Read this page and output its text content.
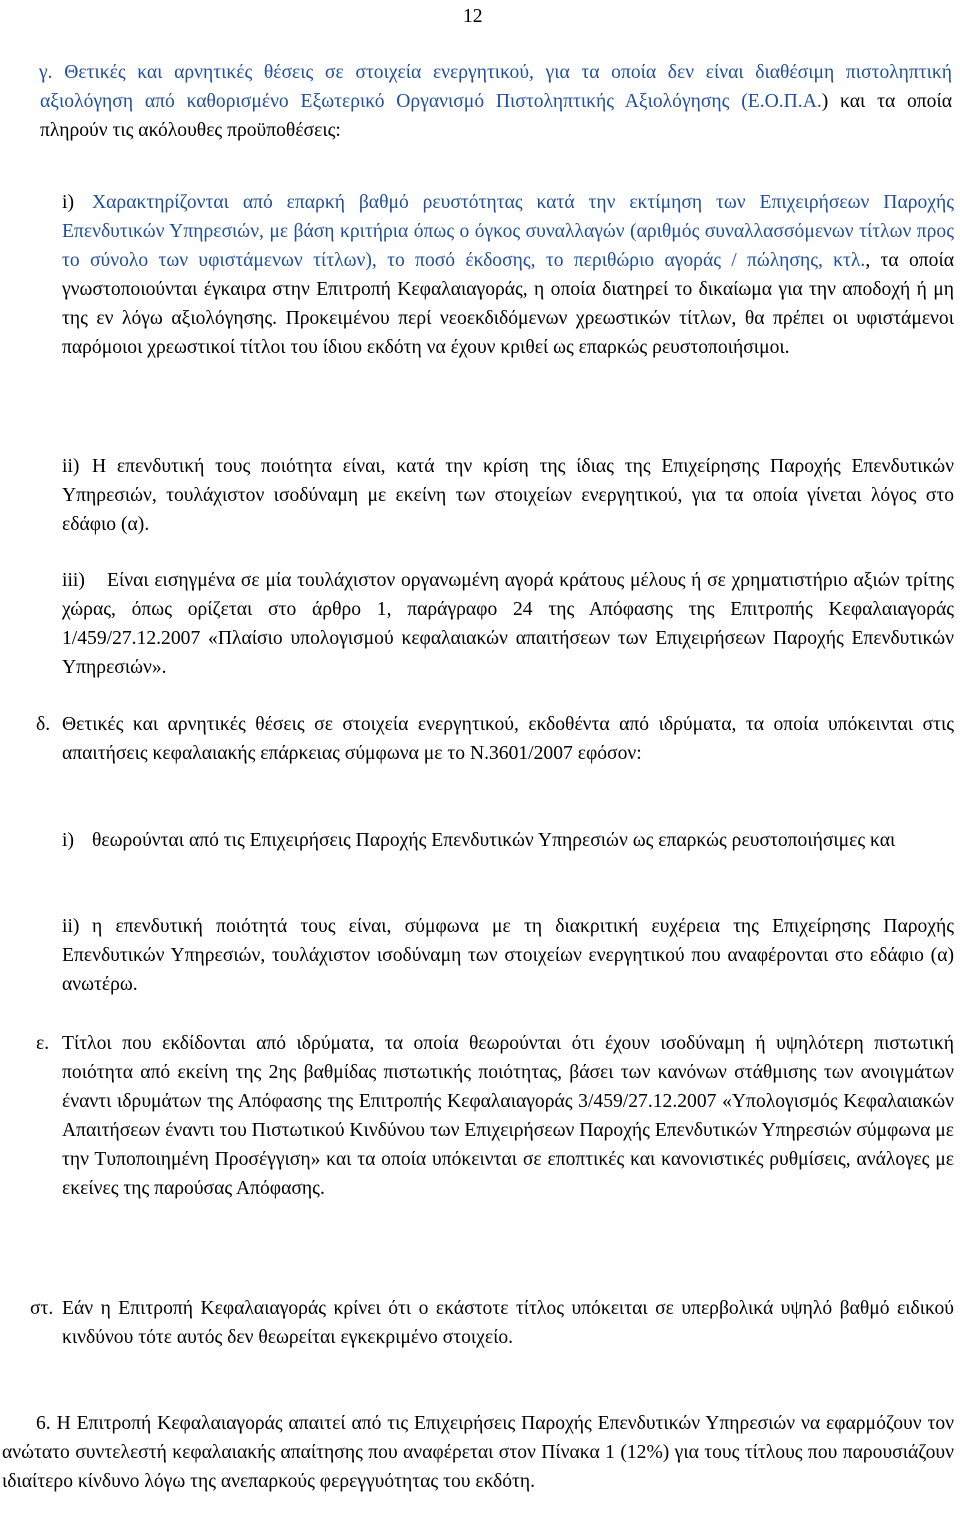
12

γ. Θετικές και αρνητικές θέσεις σε στοιχεία ενεργητικού, για τα οποία δεν είναι διαθέσιμη πιστοληπτική αξιολόγηση από καθορισμένο Εξωτερικό Οργανισμό Πιστοληπτικής Αξιολόγησης (Ε.Ο.Π.Α.) και τα οποία πληρούν τις ακόλουθες προϋποθέσεις:

i) Χαρακτηρίζονται από επαρκή βαθμό ρευστότητας κατά την εκτίμηση των Επιχειρήσεων Παροχής Επενδυτικών Υπηρεσιών, με βάση κριτήρια όπως ο όγκος συναλλαγών (αριθμός συναλλασσόμενων τίτλων προς το σύνολο των υφιστάμενων τίτλων), το ποσό έκδοσης, το περιθώριο αγοράς / πώλησης, κτλ., τα οποία γνωστοποιούνται έγκαιρα στην Επιτροπή Κεφαλαιαγοράς, η οποία διατηρεί το δικαίωμα για την αποδοχή ή μη της εν λόγω αξιολόγησης. Προκειμένου περί νεοεκδιδόμενων χρεωστικών τίτλων, θα πρέπει οι υφιστάμενοι παρόμοιοι χρεωστικοί τίτλοι του ίδιου εκδότη να έχουν κριθεί ως επαρκώς ρευστοποιήσιμοι.

ii) Η επενδυτική τους ποιότητα είναι, κατά την κρίση της ίδιας της Επιχείρησης Παροχής Επενδυτικών Υπηρεσιών, τουλάχιστον ισοδύναμη με εκείνη των στοιχείων ενεργητικού, για τα οποία γίνεται λόγος στο εδάφιο (α).

iii)	Είναι εισηγμένα σε μία τουλάχιστον οργανωμένη αγορά κράτους μέλους ή σε χρηματιστήριο αξιών τρίτης χώρας, όπως ορίζεται στο άρθρο 1, παράγραφο 24 της Απόφασης της Επιτροπής Κεφαλαιαγοράς 1/459/27.12.2007 «Πλαίσιο υπολογισμού κεφαλαιακών απαιτήσεων των Επιχειρήσεων Παροχής Επενδυτικών Υπηρεσιών».

δ. Θετικές και αρνητικές θέσεις σε στοιχεία ενεργητικού, εκδοθέντα από ιδρύματα, τα οποία υπόκεινται στις απαιτήσεις κεφαλαιακής επάρκειας σύμφωνα με το Ν.3601/2007 εφόσον:

i) θεωρούνται από τις Επιχειρήσεις Παροχής Επενδυτικών Υπηρεσιών ως επαρκώς ρευστοποιήσιμες και

ii) η επενδυτική ποιότητά τους είναι, σύμφωνα με τη διακριτική ευχέρεια της Επιχείρησης Παροχής Επενδυτικών Υπηρεσιών, τουλάχιστον ισοδύναμη των στοιχείων ενεργητικού που αναφέρονται στο εδάφιο (α) ανωτέρω.

ε. Τίτλοι που εκδίδονται από ιδρύματα, τα οποία θεωρούνται ότι έχουν ισοδύναμη ή υψηλότερη πιστωτική ποιότητα από εκείνη της 2ης βαθμίδας πιστωτικής ποιότητας, βάσει των κανόνων στάθμισης των ανοιγμάτων έναντι ιδρυμάτων της Απόφασης της Επιτροπής Κεφαλαιαγοράς 3/459/27.12.2007 «Υπολογισμός Κεφαλαιακών Απαιτήσεων έναντι του Πιστωτικού Κινδύνου των Επιχειρήσεων Παροχής Επενδυτικών Υπηρεσιών σύμφωνα με την Τυποποιημένη Προσέγγιση» και τα οποία υπόκεινται σε εποπτικές και κανονιστικές ρυθμίσεις, ανάλογες με εκείνες της παρούσας Απόφασης.

στ. Εάν η Επιτροπή Κεφαλαιαγοράς κρίνει ότι ο εκάστοτε τίτλος υπόκειται σε υπερβολικά υψηλό βαθμό ειδικού κινδύνου τότε αυτός δεν θεωρείται εγκεκριμένο στοιχείο.

6. Η Επιτροπή Κεφαλαιαγοράς απαιτεί από τις Επιχειρήσεις Παροχής Επενδυτικών Υπηρεσιών να εφαρμόζουν τον ανώτατο συντελεστή κεφαλαιακής απαίτησης που αναφέρεται στον Πίνακα 1 (12%) για τους τίτλους που παρουσιάζουν ιδιαίτερο κίνδυνο λόγω της ανεπαρκούς φερεγγυότητας του εκδότη.
